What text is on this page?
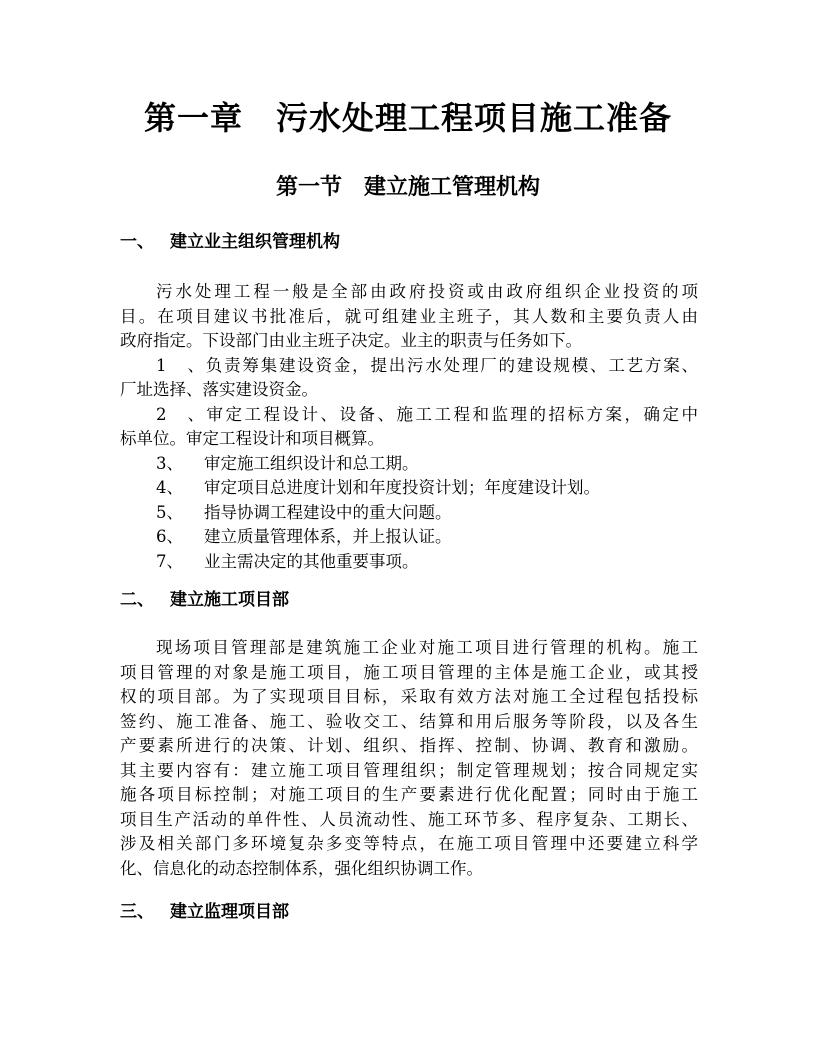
第一章　污水处理工程项目施工准备
第一节　建立施工管理机构
一、 建立业主组织管理机构
污水处理工程一般是全部由政府投资或由政府组织企业投资的项
目。在项目建议书批准后，就可组建业主班子，其人数和主要负责人由
政府指定。下设部门由业主班子决定。业主的职责与任务如下。
1、负责筹集建设资金，提出污水处理厂的建设规模、工艺方案、
厂址选择、落实建设资金。
2、审定工程设计、设备、施工工程和监理的招标方案，确定中
标单位。审定工程设计和项目概算。
3、 审定施工组织设计和总工期。
4、 审定项目总进度计划和年度投资计划；年度建设计划。
5、 指导协调工程建设中的重大问题。
6、 建立质量管理体系，并上报认证。
7、 业主需决定的其他重要事项。
二、 建立施工项目部
现场项目管理部是建筑施工企业对施工项目进行管理的机构。施工
项目管理的对象是施工项目，施工项目管理的主体是施工企业，或其授
权的项目部。为了实现项目目标，采取有效方法对施工全过程包括投标
签约、施工准备、施工、验收交工、结算和用后服务等阶段，以及各生
产要素所进行的决策、计划、组织、指挥、控制、协调、教育和激励。
其主要内容有：建立施工项目管理组织；制定管理规划；按合同规定实
施各项目标控制；对施工项目的生产要素进行优化配置；同时由于施工
项目生产活动的单件性、人员流动性、施工环节多、程序复杂、工期长、
涉及相关部门多环境复杂多变等特点，在施工项目管理中还要建立科学
化、信息化的动态控制体系，强化组织协调工作。
三、 建立监理项目部
